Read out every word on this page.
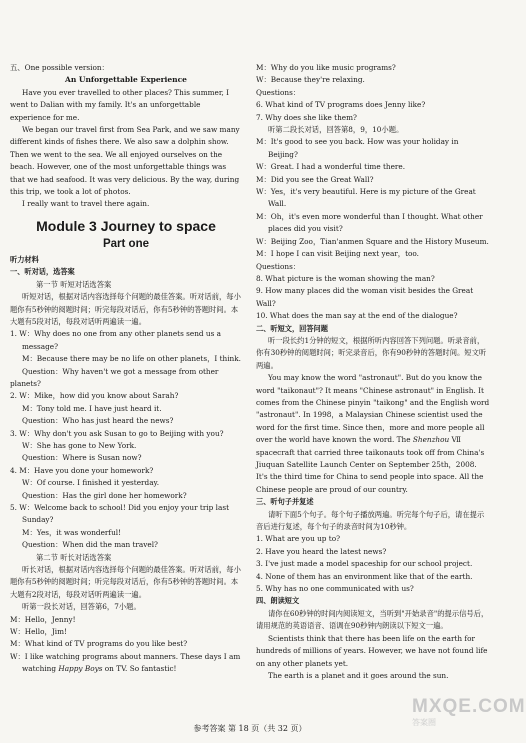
五、One possible version：

An Unforgettable Experience

Have you ever travelled to other places? This summer, I went to Dalian with my family. It's an unforgettable experience for me.

We began our travel first from Sea Park, and we saw many different kinds of fishes there. We also saw a dolphin show. Then we went to the sea. We all enjoyed ourselves on the beach. However, one of the most unforgettable things was that we had seafood. It was very delicious. By the way, during this trip, we took a lot of photos.

I really want to travel there again.

Module 3 Journey to space

Part one

听力材料

一、听对话，选答案

第一节 听短对话选答案

听短对话，根据对话内容选择每个问题的最佳答案。听对话前，每小题你有5秒钟的阅题时间；听完每段对话后，你有5秒钟的答题时间。本大题有5段对话，每段对话听两遍读一遍。

1. W：Why does no one from any other planets send us a message?

M：Because there may be no life on other planets，I think.

Question：Why haven't we got a message from other planets?

2. W：Mike，how did you know about Sarah?

M：Tony told me. I have just heard it.

Question：Who has just heard the news?

3. W：Why don't you ask Susan to go to Beijing with you?

W：She has gone to New York.

Question：Where is Susan now?

4. M：Have you done your homework?

W：Of course. I finished it yesterday.

Question：Has the girl done her homework?

5. W：Welcome back to school! Did you enjoy your trip last Sunday?

M：Yes，it was wonderful!

Question：When did the man travel?

第二节 听长对话选答案

听长对话，根据对话内容选择每个问题的最佳答案。听对话前，每小题你有5秒钟的阅题时间；听完每段对话后，你有5秒钟的答题时间。本大题有2段对话，每段对话听两遍读一遍。

听第一段长对话，回答第6，7小题。

M：Hello，Jenny!

W：Hello，Jim!

M：What kind of TV programs do you like best?

W：I like watching programs about manners. These days I am watching Happy Boys on TV. So fantastic!

M：Why do you like music programs?

W：Because they're relaxing.

Questions：

6. What kind of TV programs does Jenny like?

7. Why does she like them?

听第二段长对话，回答第8，9，10小题。

M：It's good to see you back. How was your holiday in Beijing?

W：Great. I had a wonderful time there.

M：Did you see the Great Wall?

W：Yes，it's very beautiful. Here is my picture of the Great Wall.

M：Oh，it's even more wonderful than I thought. What other places did you visit?

W：Beijing Zoo，Tian'anmen Square and the History Museum.

M：I hope I can visit Beijing next year，too.

Questions：

8. What picture is the woman showing the man?

9. How many places did the woman visit besides the Great Wall?

10. What does the man say at the end of the dialogue?

二、听短文，回答问题

听一段长约1分钟的短文，根据所听内容回答下列问题。听录音前，你有30秒钟的阅题时间；听完录音后，你有90秒钟的答题时间。短文听两遍。

You may know the word "astronaut". But do you know the word "taikonaut"? It means "Chinese astronaut" in English. It comes from the Chinese pinyin "taikong" and the English word "astronaut". In 1998，a Malaysian Chinese scientist used the word for the first time. Since then，more and more people all over the world have known the word. The Shenzhou Ⅶ spacecraft that carried three taikonauts took off from China's Jiuquan Satellite Launch Center on September 25th，2008. It's the third time for China to send people into space. All the Chinese people are proud of our country.

三、听句子并复述

请听下面5个句子。每个句子播放两遍。听完每个句子后，请在提示音后进行复述，每个句子的录音时间为10秒钟。

1. What are you up to?

2. Have you heard the latest news?

3. I've just made a model spaceship for our school project.

4. None of them has an environment like that of the earth.

5. Why has no one communicated with us?

四、朗读短文

请你在60秒钟的时间内阅读短文，当听到"开始录音"的提示信号后，请用规范的英语语音、语调在90秒钟内朗读以下短文一遍。

Scientists think that there has been life on the earth for hundreds of millions of years. However, we have not found life on any other planets yet.

The earth is a planet and it goes around the sun.

参考答案 第 18 页（共 32 页）
MXQE.COM
答案圈
